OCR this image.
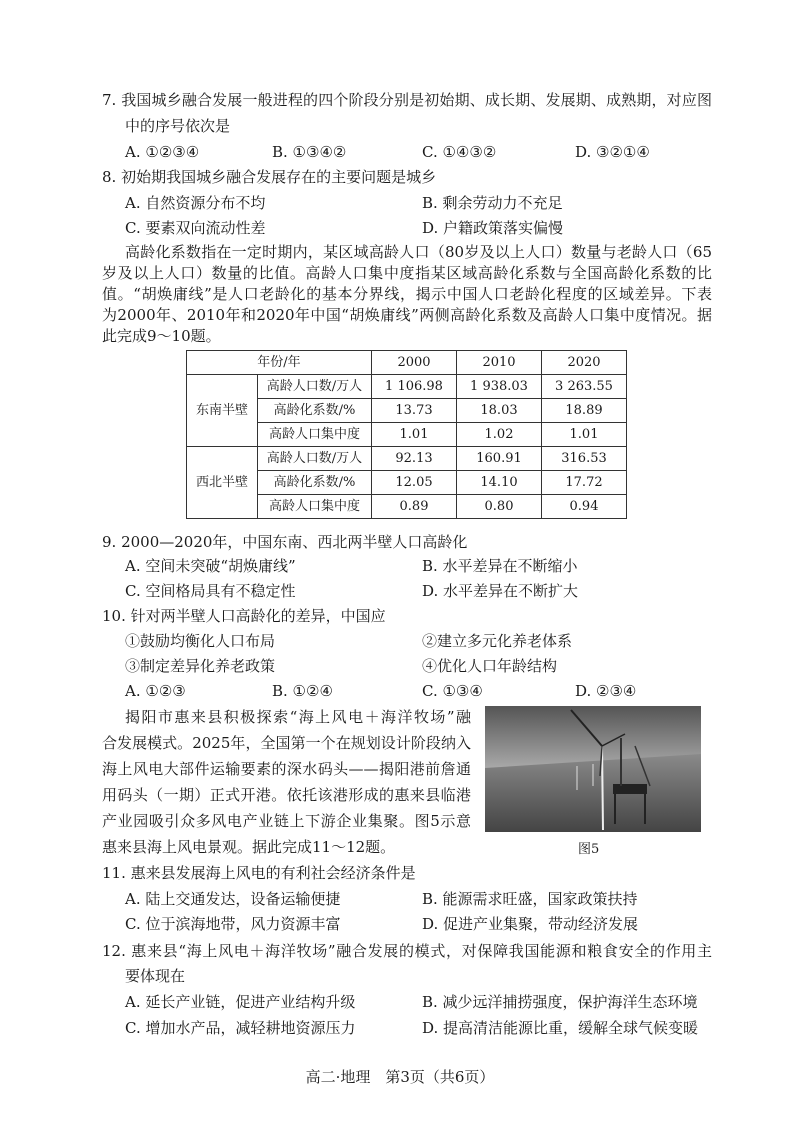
7. 我国城乡融合发展一般进程的四个阶段分别是初始期、成长期、发展期、成熟期，对应图
中的序号依次是
A. ①②③④	B. ①③④②	C. ①④③②	D. ③②①④
8. 初始期我国城乡融合发展存在的主要问题是城乡
A. 自然资源分布不均	B. 剩余劳动力不充足
C. 要素双向流动性差	D. 户籍政策落实偏慢
高龄化系数指在一定时期内，某区域高龄人口（80岁及以上人口）数量与老龄人口（65
岁及以上人口）数量的比值。高龄人口集中度指某区域高龄化系数与全国高龄化系数的比
值。“胡焕庸线”是人口老龄化的基本分界线，揭示中国人口老龄化程度的区域差异。下表
为2000年、2010年和2020年中国“胡焕庸线”两侧高龄化系数及高龄人口集中度情况。据
此完成9～10题。
年份/年		2000	2010	2020
东南半壁	高龄人口数/万人	1 106.98	1 938.03	3 263.55
	高龄化系数/%	13.73	18.03	18.89
	高龄人口集中度	1.01	1.02	1.01
西北半壁	高龄人口数/万人	92.13	160.91	316.53
	高龄化系数/%	12.05	14.10	17.72
	高龄人口集中度	0.89	0.80	0.94
9. 2000—2020年，中国东南、西北两半壁人口高龄化
A. 空间未突破“胡焕庸线”	B. 水平差异在不断缩小
C. 空间格局具有不稳定性	D. 水平差异在不断扩大
10. 针对两半壁人口高龄化的差异，中国应
①鼓励均衡化人口布局	②建立多元化养老体系
③制定差异化养老政策	④优化人口年龄结构
A. ①②③	B. ①②④	C. ①③④	D. ②③④
揭阳市惠来县积极探索“海上风电＋海洋牧场”融
合发展模式。2025年，全国第一个在规划设计阶段纳入
海上风电大部件运输要素的深水码头——揭阳港前詹通
用码头（一期）正式开港。依托该港形成的惠来县临港
产业园吸引众多风电产业链上下游企业集聚。图5示意
惠来县海上风电景观。据此完成11～12题。	图5
11. 惠来县发展海上风电的有利社会经济条件是
A. 陆上交通发达，设备运输便捷	B. 能源需求旺盛，国家政策扶持
C. 位于滨海地带，风力资源丰富	D. 促进产业集聚，带动经济发展
12. 惠来县“海上风电＋海洋牧场”融合发展的模式，对保障我国能源和粮食安全的作用主
要体现在
A. 延长产业链，促进产业结构升级	B. 减少远洋捕捞强度，保护海洋生态环境
C. 增加水产品，减轻耕地资源压力	D. 提高清洁能源比重，缓解全球气候变暖
高二·地理　第3页（共6页）
